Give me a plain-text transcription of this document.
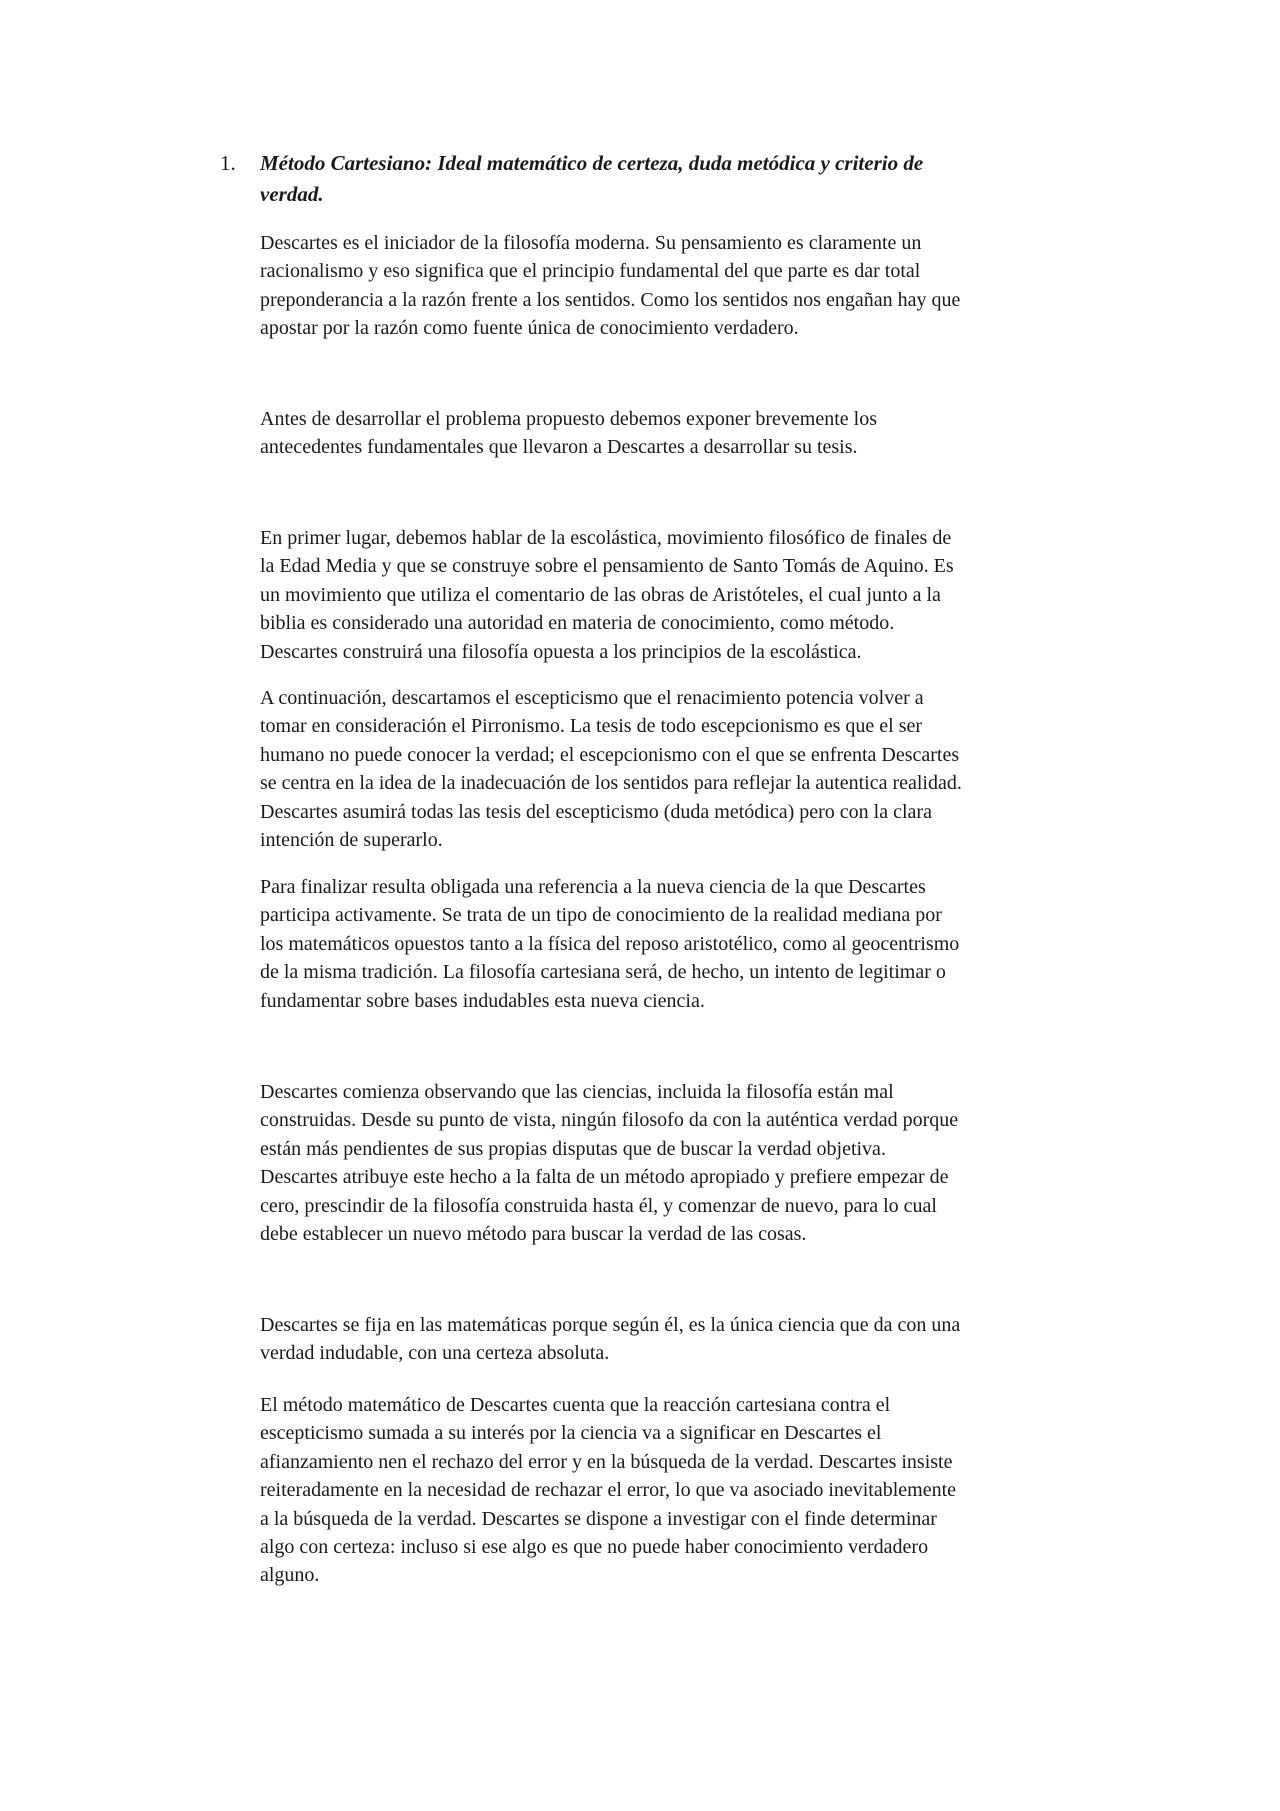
1. Método Cartesiano: Ideal matemático de certeza, duda metódica y criterio de
verdad.

Descartes es el iniciador de la filosofía moderna. Su pensamiento es claramente un
racionalismo y eso significa que el principio fundamental del que parte es dar total
preponderancia a la razón frente a los sentidos. Como los sentidos nos engañan hay que
apostar por la razón como fuente única de conocimiento verdadero.

Antes de desarrollar el problema propuesto debemos exponer brevemente los
antecedentes fundamentales que llevaron a Descartes a desarrollar su tesis.

En primer lugar, debemos hablar de la escolástica, movimiento filosófico de finales de
la Edad Media y que se construye sobre el pensamiento de Santo Tomás de Aquino. Es
un movimiento que utiliza el comentario de las obras de Aristóteles, el cual junto a la
biblia es considerado una autoridad en materia de conocimiento, como método.
Descartes construirá una filosofía opuesta a los principios de la escolástica.

A continuación, descartamos el escepticismo que el renacimiento potencia volver a
tomar en consideración el Pirronismo. La tesis de todo escepcionismo es que el ser
humano no puede conocer la verdad; el escepcionismo con el que se enfrenta Descartes
se centra en la idea de la inadecuación de los sentidos para reflejar la autentica realidad.
Descartes asumirá todas las tesis del escepticismo (duda metódica) pero con la clara
intención de superarlo.

Para finalizar resulta obligada una referencia a la nueva ciencia de la que Descartes
participa activamente. Se trata de un tipo de conocimiento de la realidad mediana por
los matemáticos opuestos tanto a la física del reposo aristotélico, como al geocentrismo
de la misma tradición. La filosofía cartesiana será, de hecho, un intento de legitimar o
fundamentar sobre bases indudables esta nueva ciencia.

Descartes comienza observando que las ciencias, incluida la filosofía están mal
construidas. Desde su punto de vista, ningún filosofo da con la auténtica verdad porque
están más pendientes de sus propias disputas que de buscar la verdad objetiva.
Descartes atribuye este hecho a la falta de un método apropiado y prefiere empezar de
cero, prescindir de la filosofía construida hasta él, y comenzar de nuevo, para lo cual
debe establecer un nuevo método para buscar la verdad de las cosas.

Descartes se fija en las matemáticas porque según él, es la única ciencia que da con una
verdad indudable, con una certeza absoluta.

El método matemático de Descartes cuenta que la reacción cartesiana contra el
escepticismo sumada a su interés por la ciencia va a significar en Descartes el
afianzamiento nen el rechazo del error y en la búsqueda de la verdad. Descartes insiste
reiteradamente en la necesidad de rechazar el error, lo que va asociado inevitablemente
a la búsqueda de la verdad. Descartes se dispone a investigar con el finde determinar
algo con certeza: incluso si ese algo es que no puede haber conocimiento verdadero
alguno.
